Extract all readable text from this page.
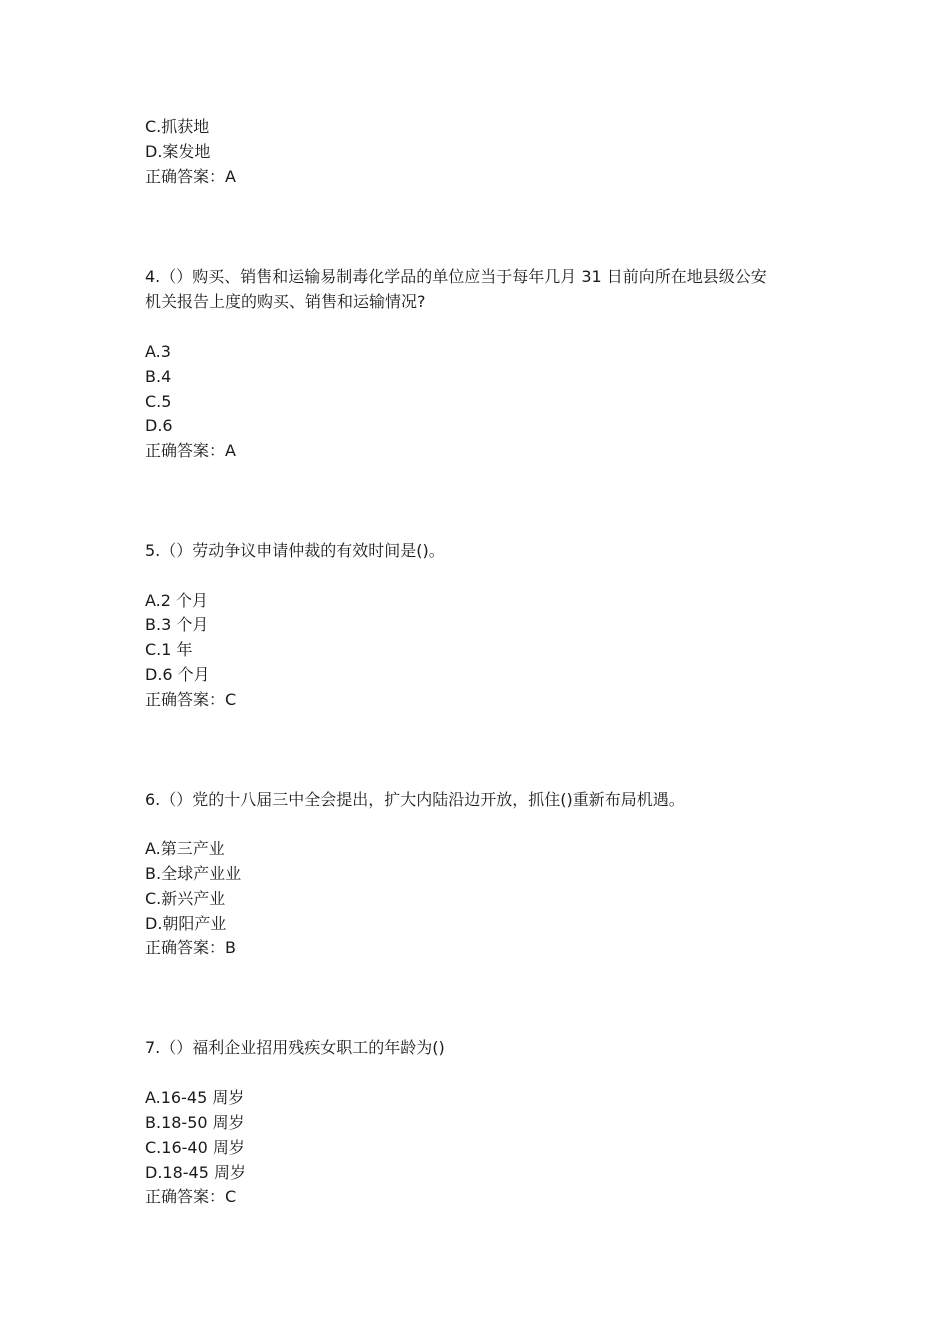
C.抓获地
D.案发地
正确答案：A
4.（）购买、销售和运输易制毒化学品的单位应当于每年几月 31 日前向所在地县级公安
机关报告上度的购买、销售和运输情况?
A.3
B.4
C.5
D.6
正确答案：A
5.（）劳动争议申请仲裁的有效时间是()。
A.2 个月
B.3 个月
C.1 年
D.6 个月
正确答案：C
6.（）党的十八届三中全会提出，扩大内陆沿边开放，抓住()重新布局机遇。
A.第三产业
B.全球产业业
C.新兴产业
D.朝阳产业
正确答案：B
7.（）福利企业招用残疾女职工的年龄为()
A.16-45 周岁
B.18-50 周岁
C.16-40 周岁
D.18-45 周岁
正确答案：C
